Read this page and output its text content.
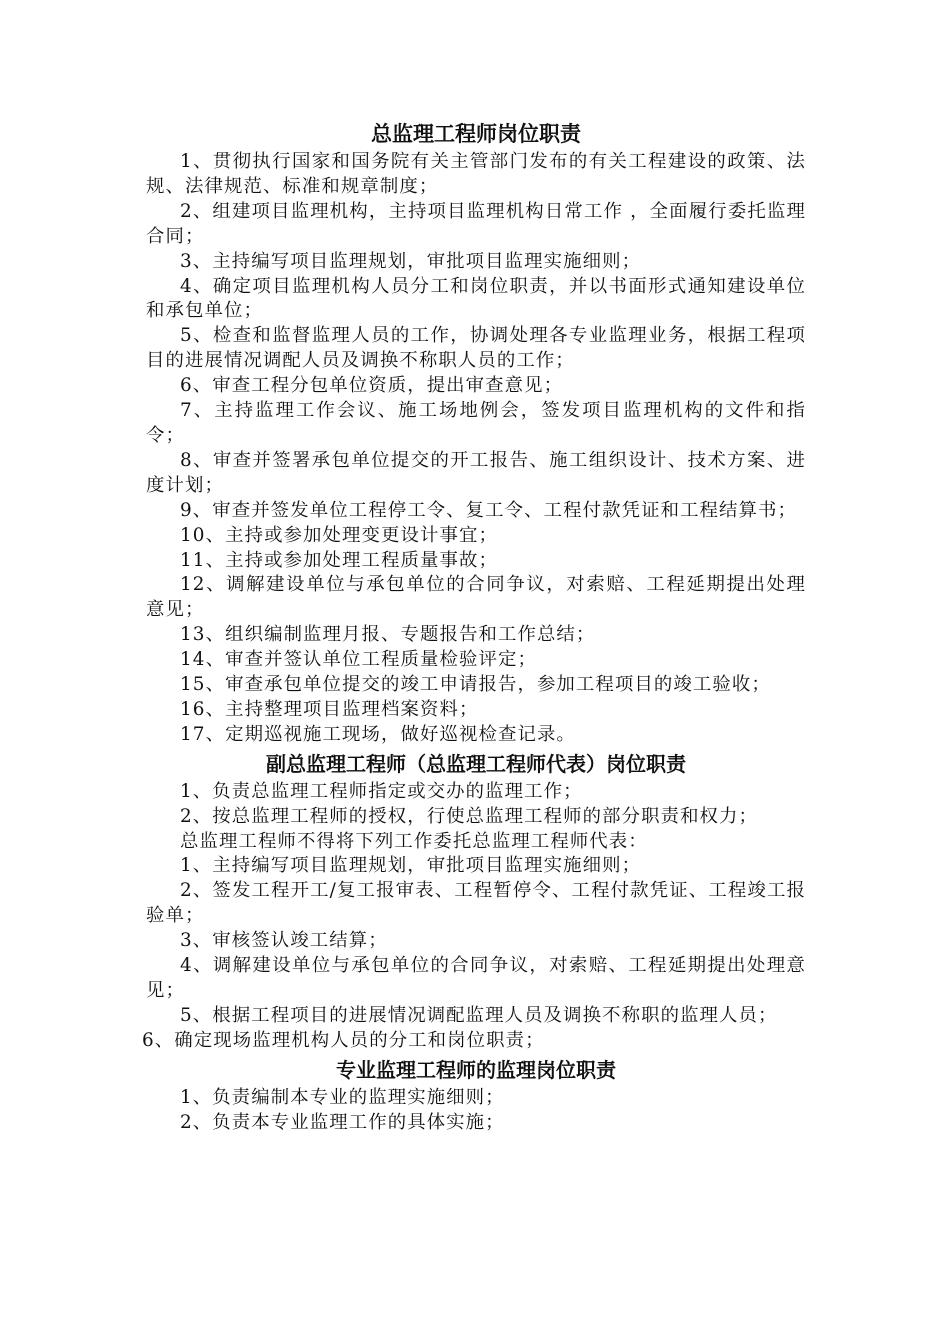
总监理工程师岗位职责
1、贯彻执行国家和国务院有关主管部门发布的有关工程建设的政策、法规、法律规范、标准和规章制度；
2、组建项目监理机构，主持项目监理机构日常工作 ，全面履行委托监理合同；
3、主持编写项目监理规划，审批项目监理实施细则；
4、确定项目监理机构人员分工和岗位职责，并以书面形式通知建设单位和承包单位；
5、检查和监督监理人员的工作，协调处理各专业监理业务，根据工程项目的进展情况调配人员及调换不称职人员的工作；
6、审查工程分包单位资质，提出审查意见；
7、主持监理工作会议、施工场地例会，签发项目监理机构的文件和指令；
8、审查并签署承包单位提交的开工报告、施工组织设计、技术方案、进度计划；
9、审查并签发单位工程停工令、复工令、工程付款凭证和工程结算书；
10、主持或参加处理变更设计事宜；
11、主持或参加处理工程质量事故；
12、调解建设单位与承包单位的合同争议，对索赔、工程延期提出处理意见；
13、组织编制监理月报、专题报告和工作总结；
14、审查并签认单位工程质量检验评定；
15、审查承包单位提交的竣工申请报告，参加工程项目的竣工验收；
16、主持整理项目监理档案资料；
17、定期巡视施工现场，做好巡视检查记录。
副总监理工程师（总监理工程师代表）岗位职责
1、负责总监理工程师指定或交办的监理工作；
2、按总监理工程师的授权，行使总监理工程师的部分职责和权力；
总监理工程师不得将下列工作委托总监理工程师代表：
1、主持编写项目监理规划，审批项目监理实施细则；
2、签发工程开工/复工报审表、工程暂停令、工程付款凭证、工程竣工报验单；
3、审核签认竣工结算；
4、调解建设单位与承包单位的合同争议，对索赔、工程延期提出处理意见；
5、根据工程项目的进展情况调配监理人员及调换不称职的监理人员；
6、确定现场监理机构人员的分工和岗位职责；
专业监理工程师的监理岗位职责
1、负责编制本专业的监理实施细则；
2、负责本专业监理工作的具体实施；
